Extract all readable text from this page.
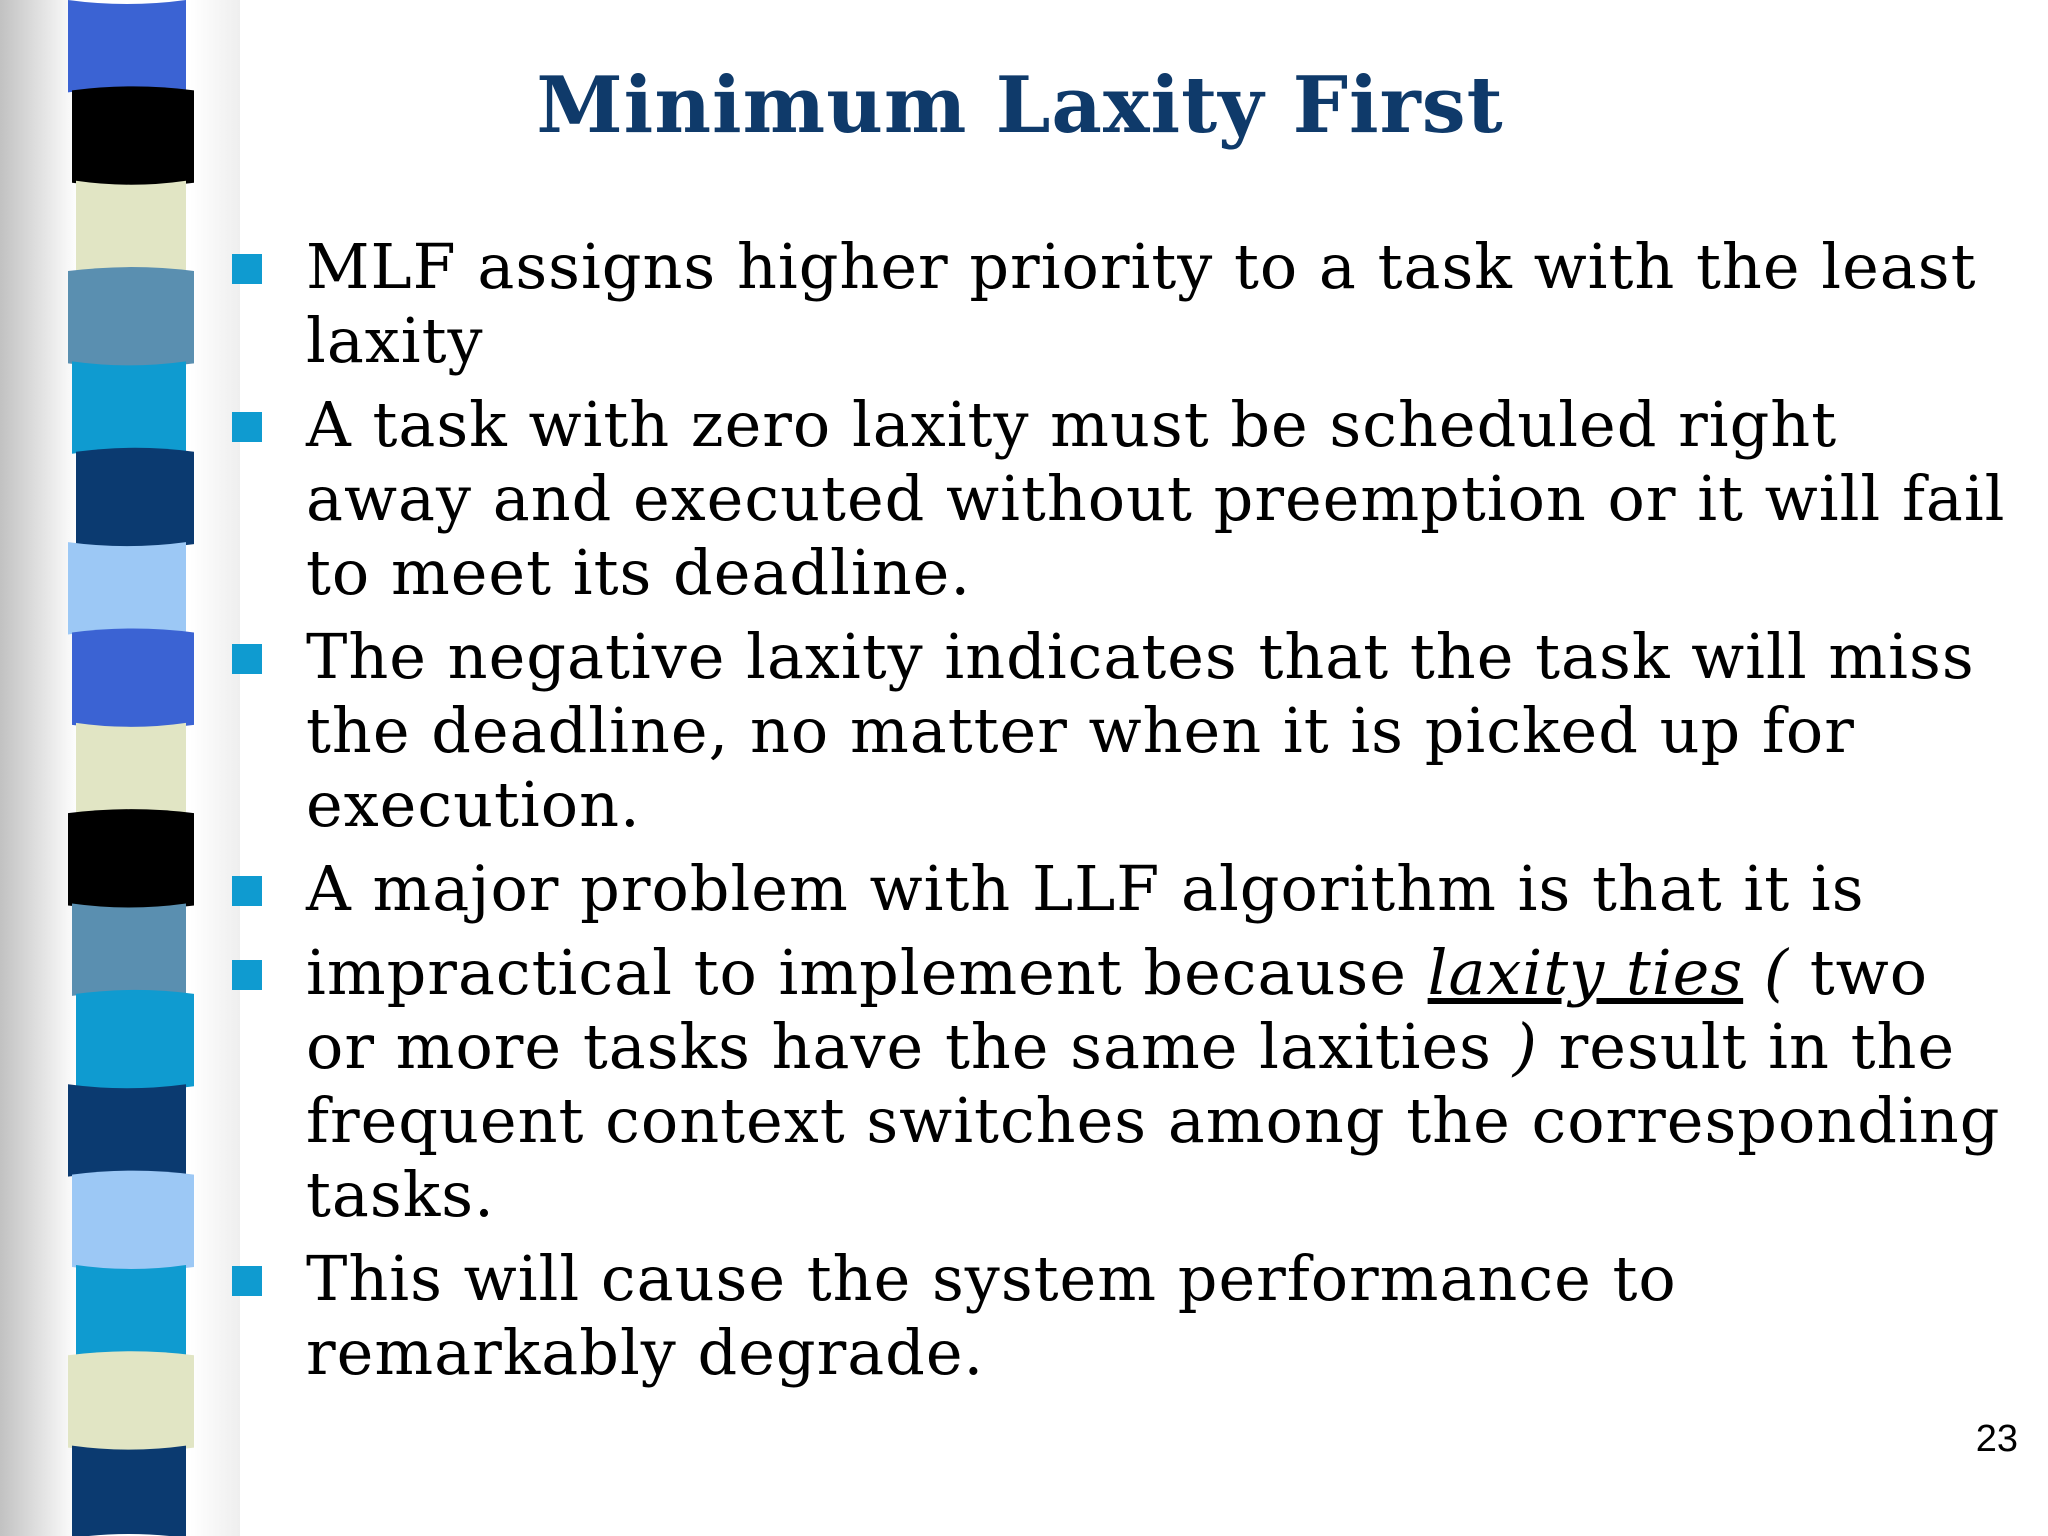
Minimum Laxity First
MLF assigns higher priority to a task with the least laxity
A task with zero laxity must be scheduled right away and executed without preemption or it will fail to meet its deadline.
The negative laxity indicates that the task will miss the deadline, no matter when it is picked up for execution.
A major problem with LLF algorithm is that it is
impractical to implement because laxity ties ( two or more tasks have the same laxities ) result in the frequent context switches among the corresponding tasks.
This will cause the system performance to remarkably degrade.
23
